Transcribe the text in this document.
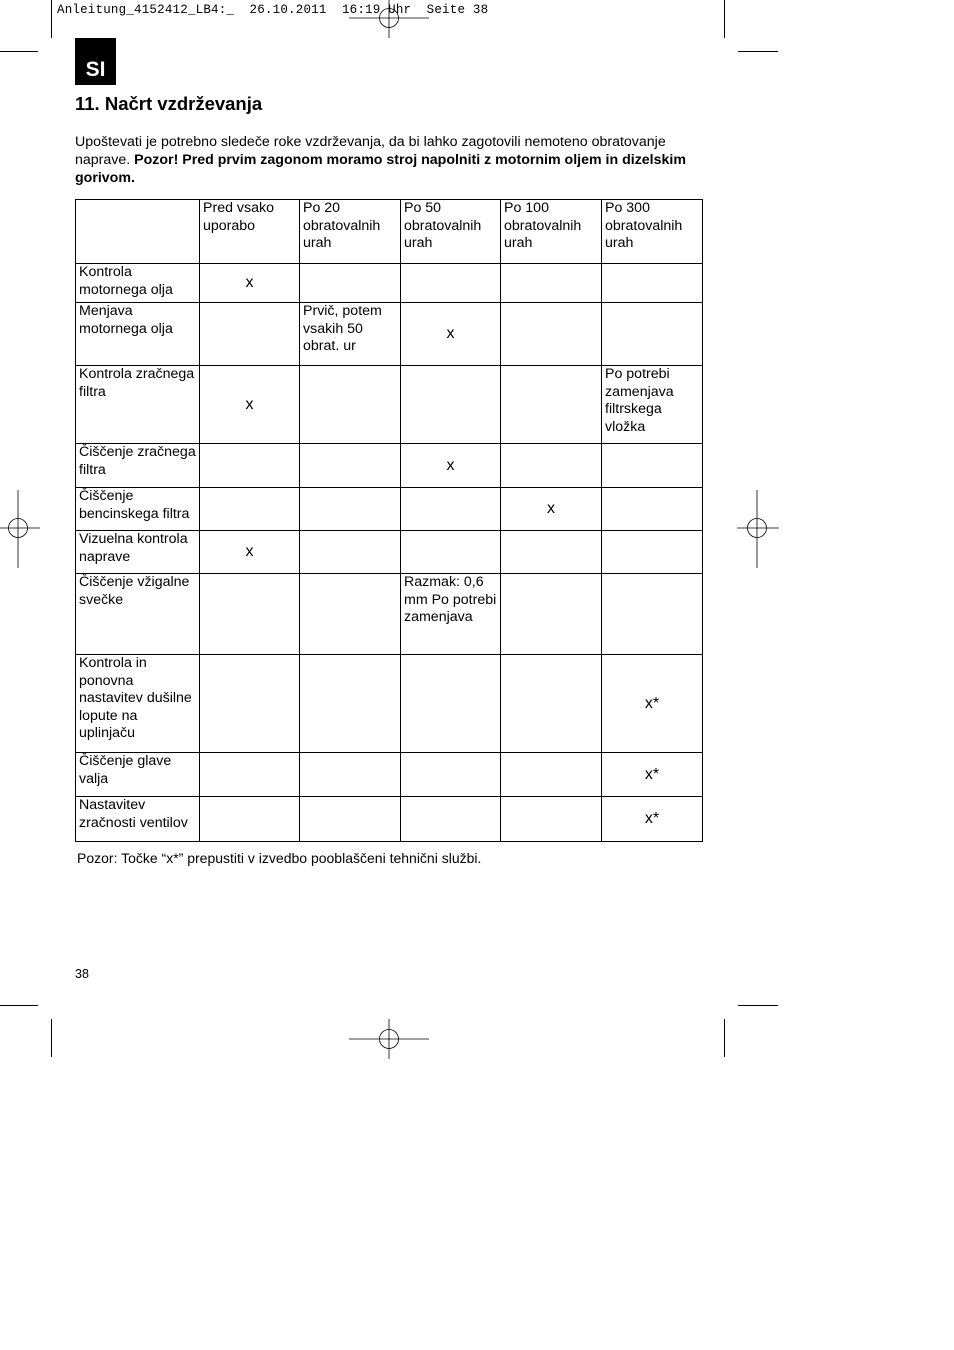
Anleitung_4152412_LB4:_  26.10.2011  16:19 Uhr  Seite 38
SI
11. Načrt vzdrževanja

Upoštevati je potrebno sledeče roke vzdrževanja, da bi lahko zagotovili nemoteno obratovanje naprave. Pozor! Pred prvim zagonom moramo stroj napolniti z motornim oljem in dizelskim gorivom.

	Pred vsako uporabo	Po 20 obratovalnih urah	Po 50 obratovalnih urah	Po 100 obratovalnih urah	Po 300 obratovalnih urah
Kontrola motornega olja	x				
Menjava motornega olja		Prvič, potem vsakih 50 obrat. ur	x		
Kontrola zračnega filtra	x				Po potrebi zamenjava filtrskega vložka
Čiščenje zračnega filtra			x		
Čiščenje bencinskega filtra				x	
Vizuelna kontrola naprave	x				
Čiščenje vžigalne svečke			Razmak: 0,6 mm Po potrebi zamenjava		
Kontrola in ponovna nastavitev dušilne lopute na uplinjaču					x*
Čiščenje glave valja					x*
Nastavitev zračnosti ventilov					x*

Pozor: Točke “x*” prepustiti v izvedbo pooblaščeni tehnični službi.

38
